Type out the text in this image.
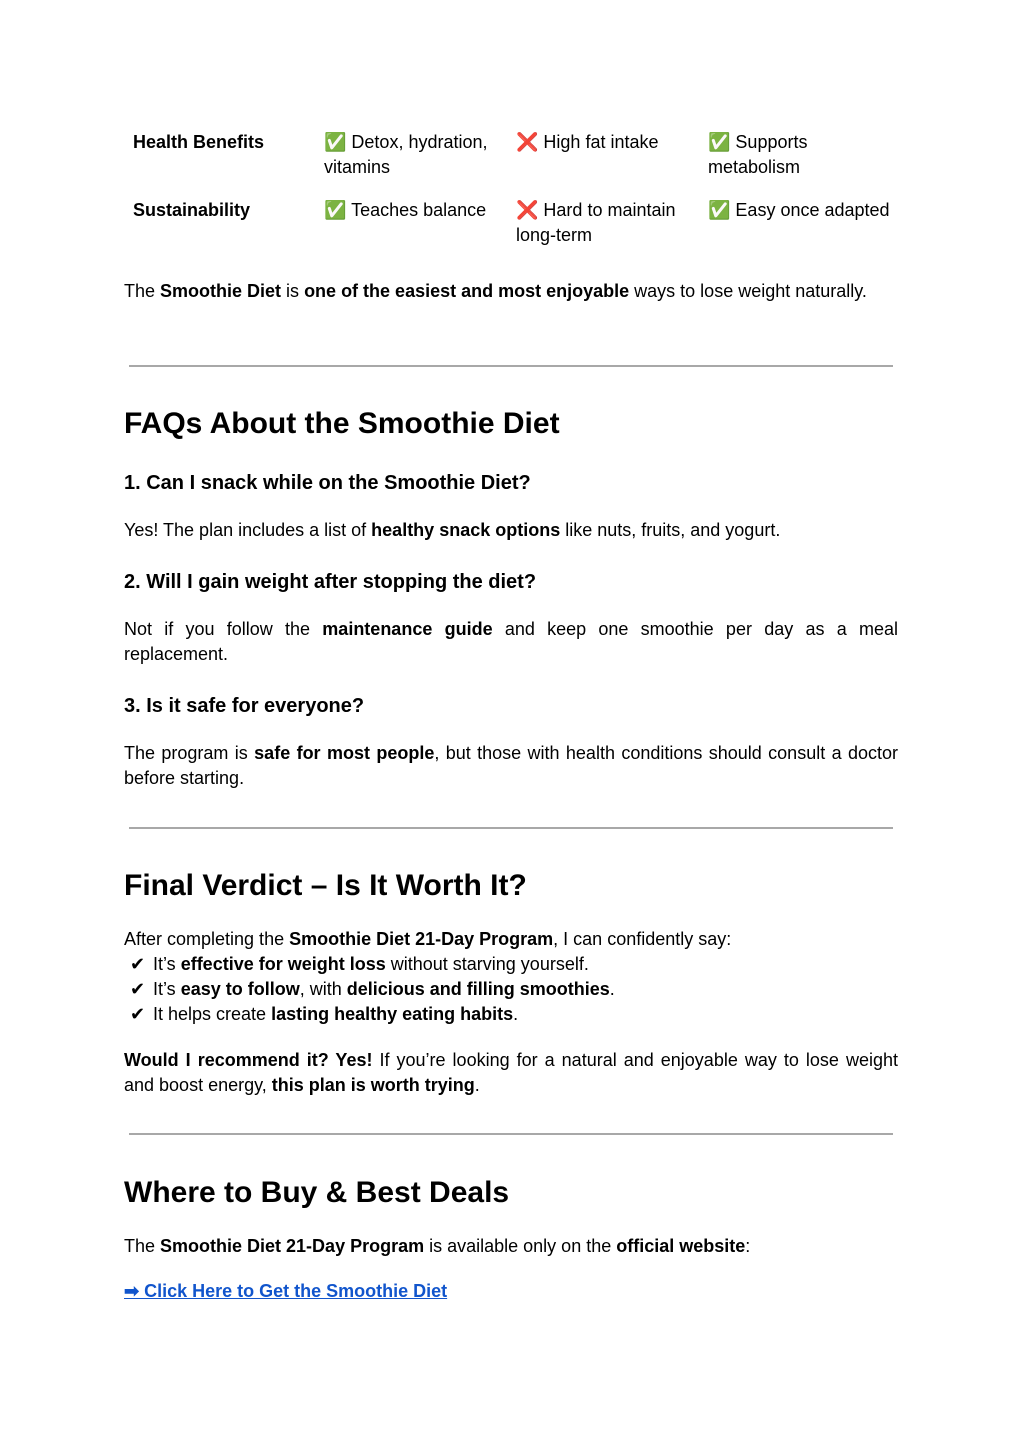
Health Benefits	✅ Detox, hydration, vitamins	❌ High fat intake	✅ Supports metabolism
Sustainability	✅ Teaches balance	❌ Hard to maintain long-term	✅ Easy once adapted

The Smoothie Diet is one of the easiest and most enjoyable ways to lose weight naturally.

FAQs About the Smoothie Diet
1. Can I snack while on the Smoothie Diet?

Yes! The plan includes a list of healthy snack options like nuts, fruits, and yogurt.

2. Will I gain weight after stopping the diet?

Not if you follow the maintenance guide and keep one smoothie per day as a meal replacement.

3. Is it safe for everyone?

The program is safe for most people, but those with health conditions should consult a doctor before starting.

Final Verdict – Is It Worth It?

After completing the Smoothie Diet 21-Day Program, I can confidently say:

✔ It’s effective for weight loss without starving yourself.
✔ It’s easy to follow, with delicious and filling smoothies.
✔ It helps create lasting healthy eating habits.

Would I recommend it? Yes! If you’re looking for a natural and enjoyable way to lose weight and boost energy, this plan is worth trying.

Where to Buy & Best Deals

The Smoothie Diet 21-Day Program is available only on the official website:

➡ Click Here to Get the Smoothie Diet
